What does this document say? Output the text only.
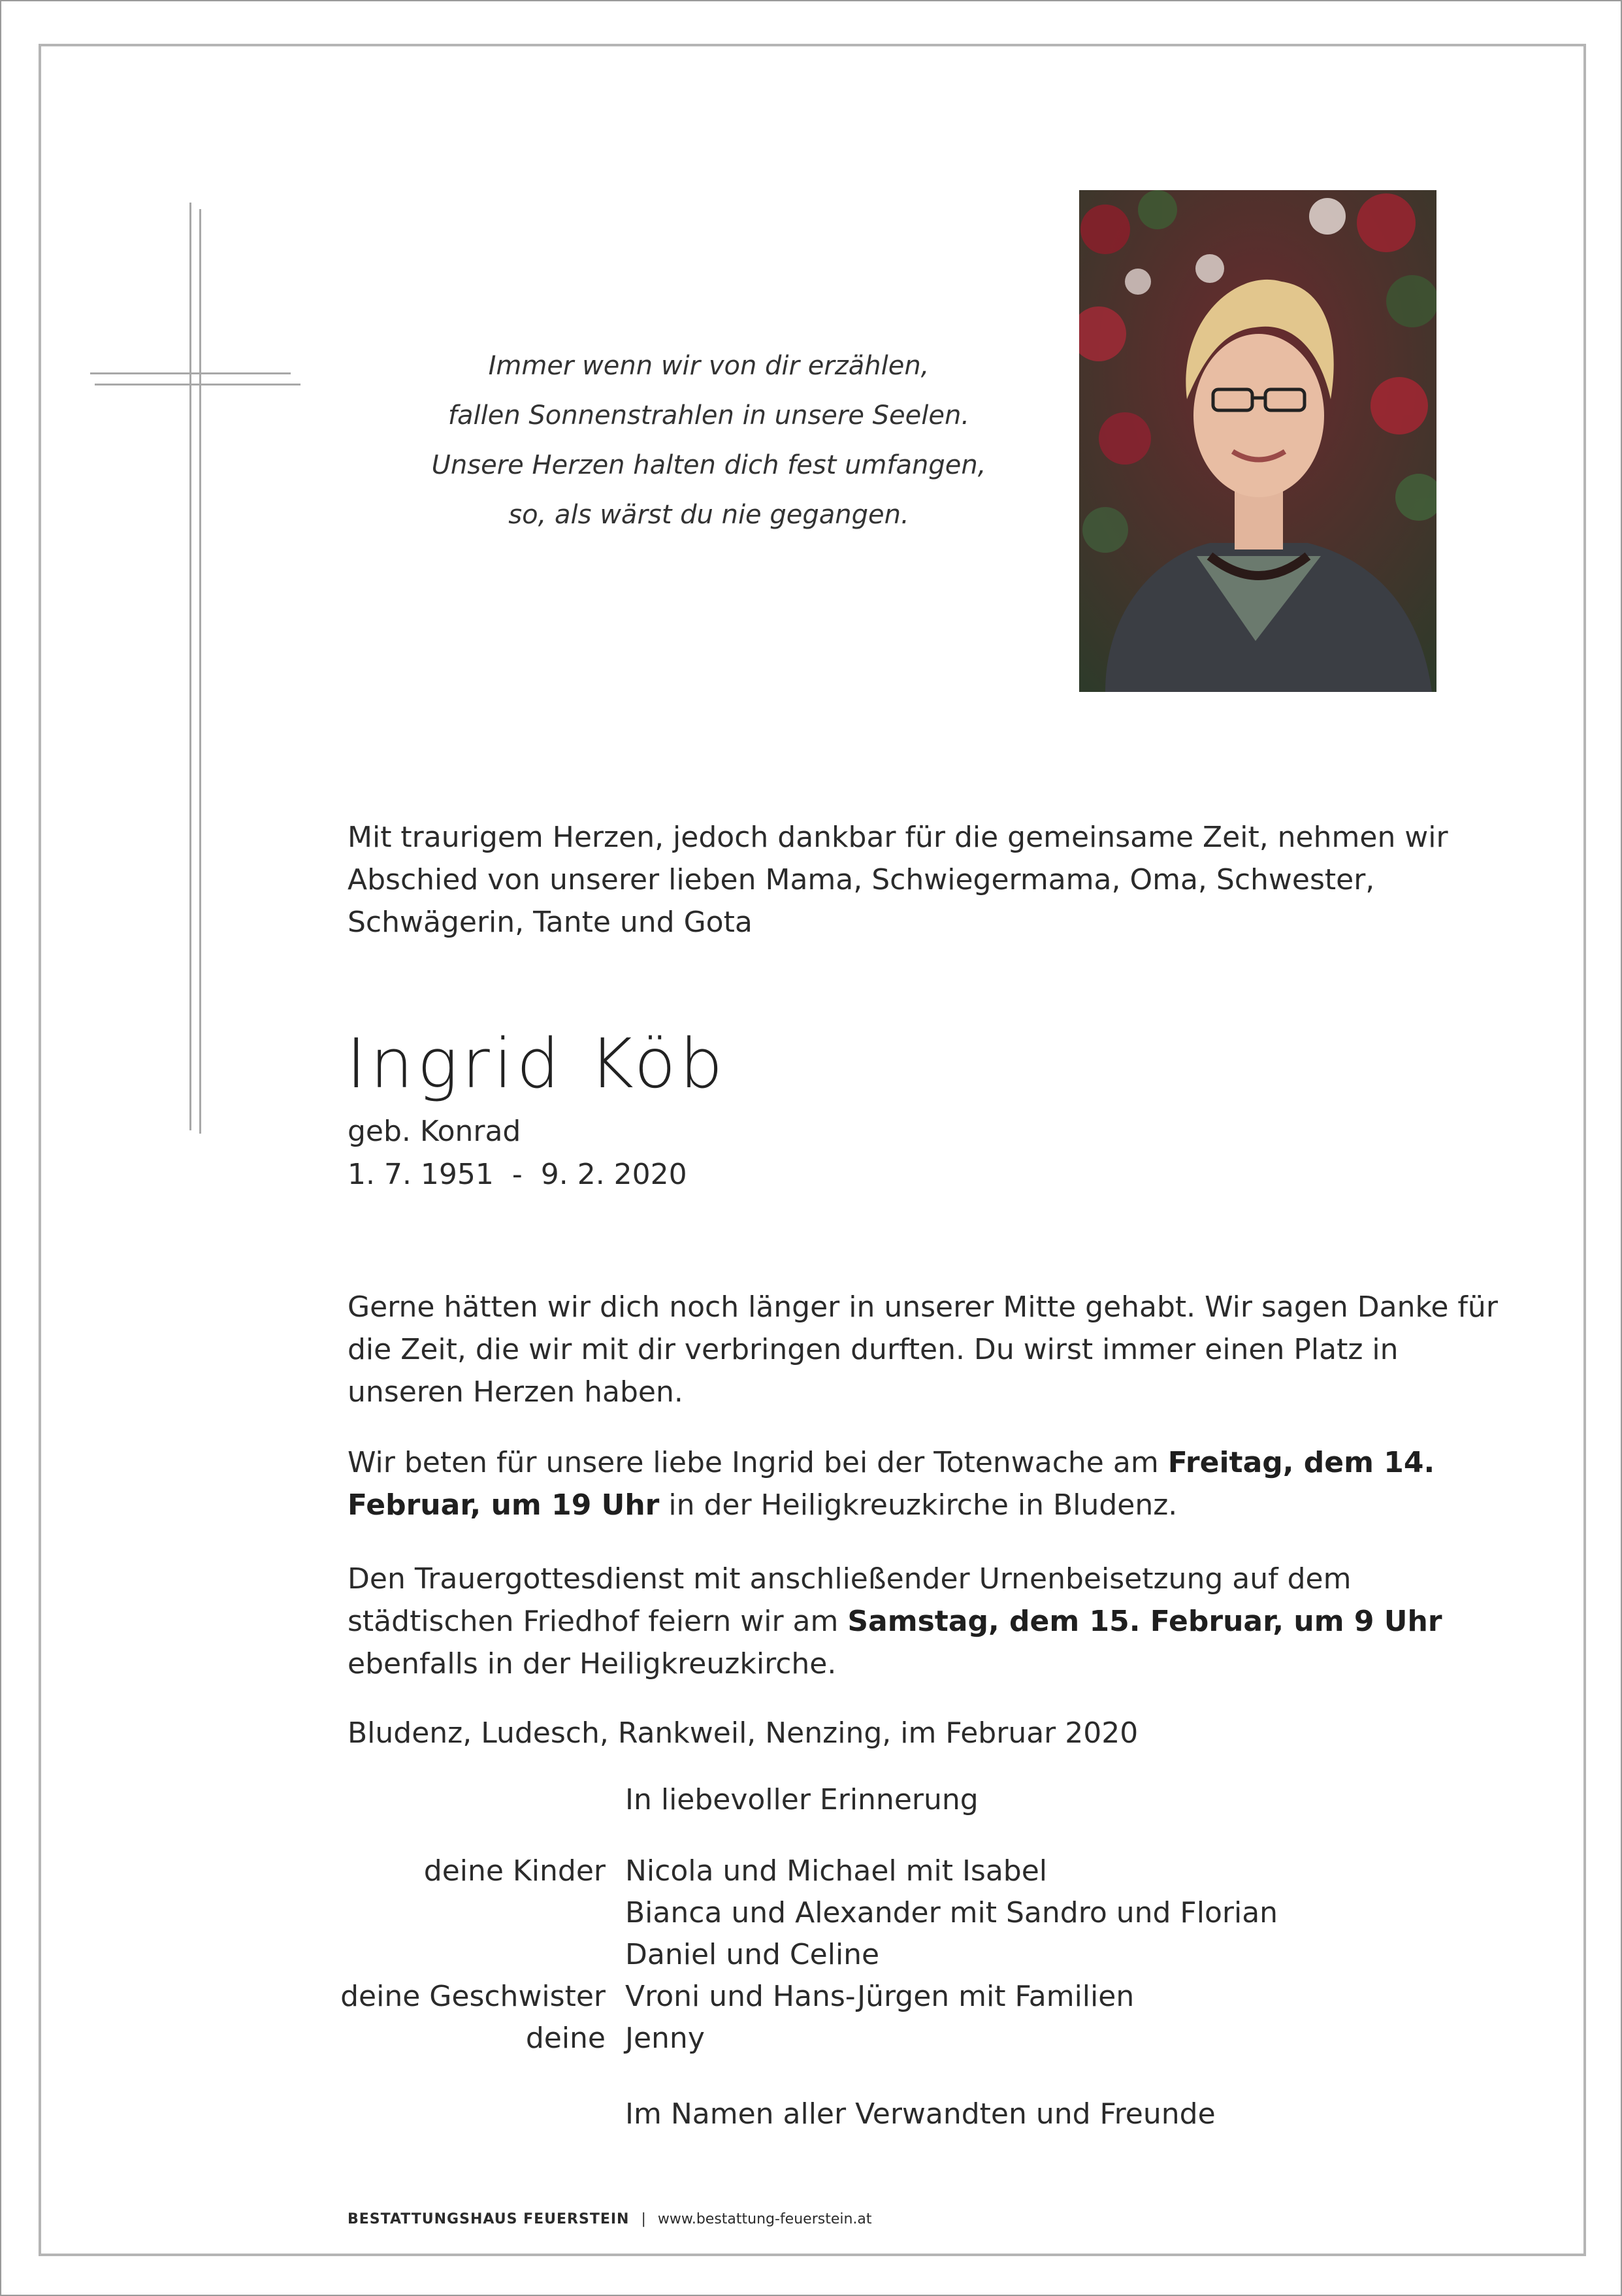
Immer wenn wir von dir erzählen,
fallen Sonnenstrahlen in unsere Seelen.
Unsere Herzen halten dich fest umfangen,
so, als wärst du nie gegangen.
Mit traurigem Herzen, jedoch dankbar für die gemeinsame Zeit, nehmen wir Abschied von unserer lieben Mama, Schwiegermama, Oma, Schwester, Schwägerin, Tante und Gota
Ingrid Köb
geb. Konrad
1. 7. 1951  -  9. 2. 2020
Gerne hätten wir dich noch länger in unserer Mitte gehabt. Wir sagen Danke für die Zeit, die wir mit dir verbringen durften. Du wirst immer einen Platz in unseren Herzen haben.
Wir beten für unsere liebe Ingrid bei der Totenwache am Freitag, dem 14. Februar, um 19 Uhr in der Heiligkreuzkirche in Bludenz.
Den Trauergottesdienst mit anschließender Urnenbeisetzung auf dem städtischen Friedhof feiern wir am Samstag, dem 15. Februar, um 9 Uhr ebenfalls in der Heiligkreuzkirche.
Bludenz, Ludesch, Rankweil, Nenzing, im Februar 2020
In liebevoller Erinnerung
deine Kinder Nicola und Michael mit Isabel
Bianca und Alexander mit Sandro und Florian
Daniel und Celine
deine Geschwister Vroni und Hans-Jürgen mit Familien
deine Jenny
Im Namen aller Verwandten und Freunde
BESTATTUNGSHAUS FEUERSTEIN | www.bestattung-feuerstein.at
